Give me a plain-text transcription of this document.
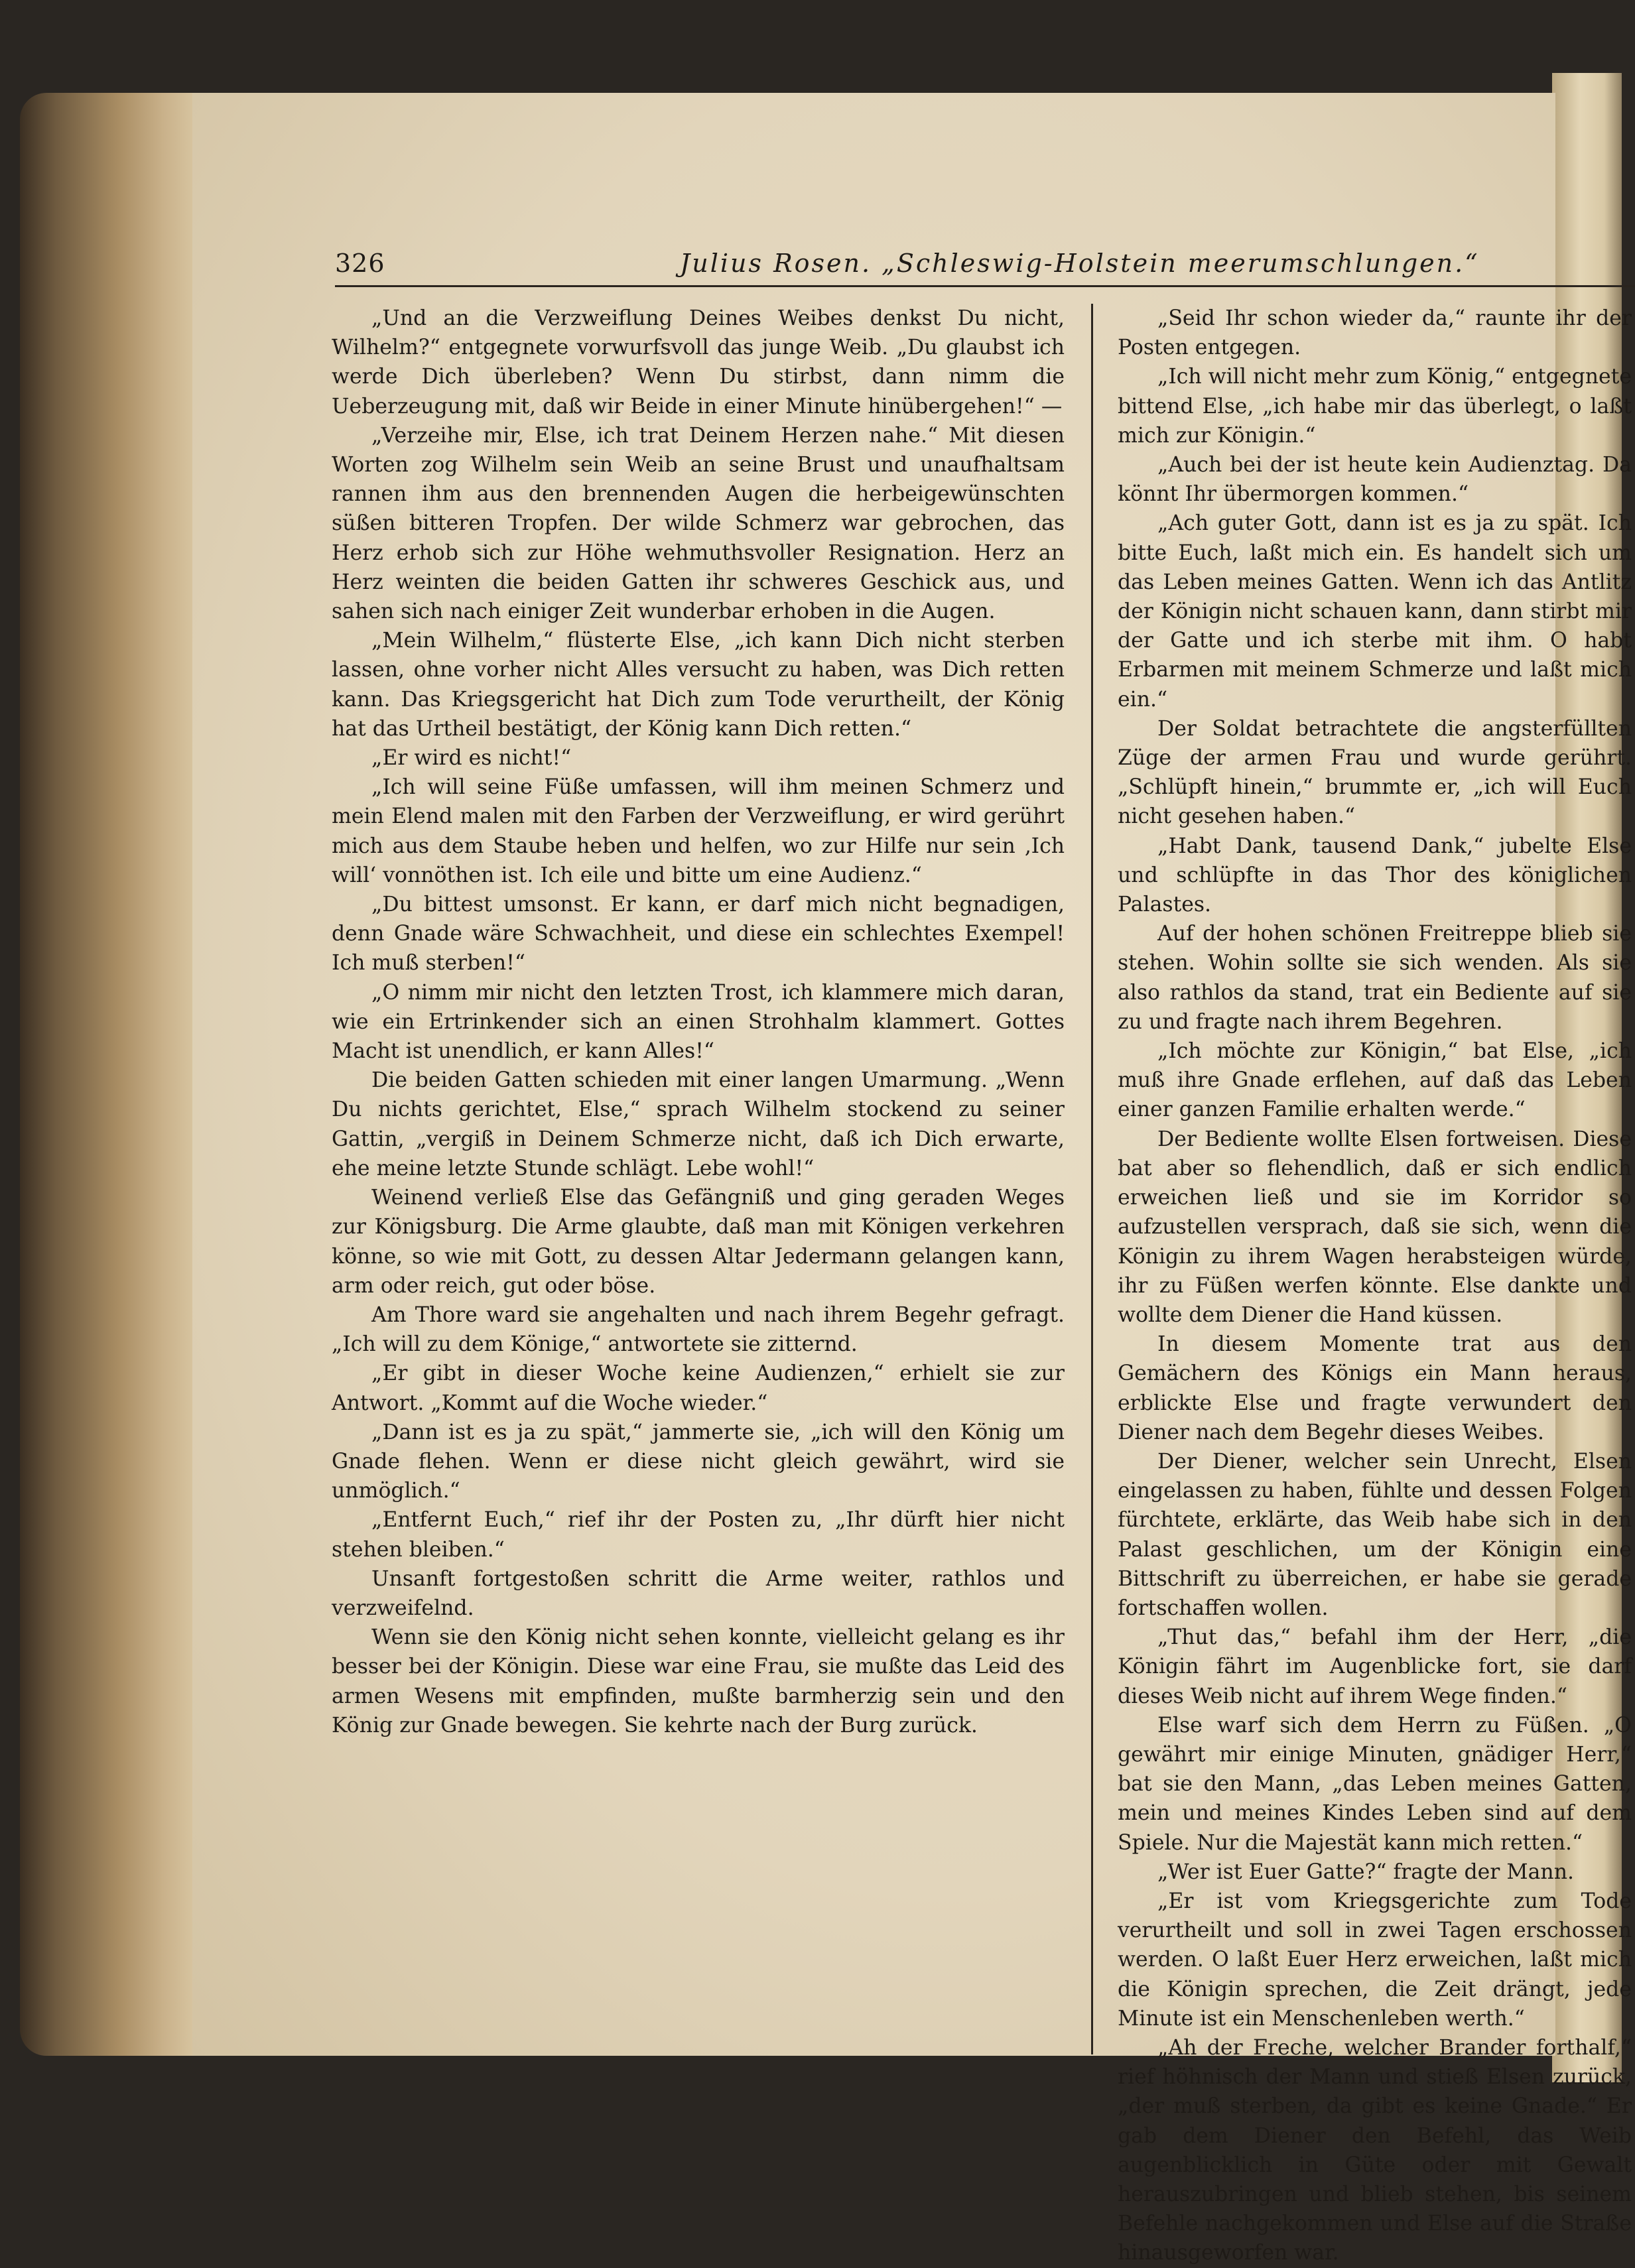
326	Julius Rosen. „Schleswig-Holstein meerumschlungen.“

„Und an die Verzweiflung Deines Weibes denkst Du nicht, Wilhelm?“ entgegnete vorwurfsvoll das junge Weib. „Du glaubst ich werde Dich überleben? Wenn Du stirbst, dann nimm die Ueberzeugung mit, daß wir Beide in einer Minute hinübergehen!“ —

„Verzeihe mir, Else, ich trat Deinem Herzen nahe.“ Mit diesen Worten zog Wilhelm sein Weib an seine Brust und unaufhaltsam rannen ihm aus den brennenden Augen die herbeigewünschten süßen bitteren Tropfen. Der wilde Schmerz war gebrochen, das Herz erhob sich zur Höhe wehmuthsvoller Resignation. Herz an Herz weinten die beiden Gatten ihr schweres Geschick aus, und sahen sich nach einiger Zeit wunderbar erhoben in die Augen.

„Mein Wilhelm,“ flüsterte Else, „ich kann Dich nicht sterben lassen, ohne vorher nicht Alles versucht zu haben, was Dich retten kann. Das Kriegsgericht hat Dich zum Tode verurtheilt, der König hat das Urtheil bestätigt, der König kann Dich retten.“

„Er wird es nicht!“

„Ich will seine Füße umfassen, will ihm meinen Schmerz und mein Elend malen mit den Farben der Verzweiflung, er wird gerührt mich aus dem Staube heben und helfen, wo zur Hilfe nur sein ‚Ich will‘ vonnöthen ist. Ich eile und bitte um eine Audienz.“

„Du bittest umsonst. Er kann, er darf mich nicht begnadigen, denn Gnade wäre Schwachheit, und diese ein schlechtes Exempel! Ich muß sterben!“

„O nimm mir nicht den letzten Trost, ich klammere mich daran, wie ein Ertrinkender sich an einen Strohhalm klammert. Gottes Macht ist unendlich, er kann Alles!“

Die beiden Gatten schieden mit einer langen Umarmung. „Wenn Du nichts gerichtet, Else,“ sprach Wilhelm stockend zu seiner Gattin, „vergiß in Deinem Schmerze nicht, daß ich Dich erwarte, ehe meine letzte Stunde schlägt. Lebe wohl!“

Weinend verließ Else das Gefängniß und ging geraden Weges zur Königsburg. Die Arme glaubte, daß man mit Königen verkehren könne, so wie mit Gott, zu dessen Altar Jedermann gelangen kann, arm oder reich, gut oder böse.

Am Thore ward sie angehalten und nach ihrem Begehr gefragt. „Ich will zu dem Könige,“ antwortete sie zitternd.

„Er gibt in dieser Woche keine Audienzen,“ erhielt sie zur Antwort. „Kommt auf die Woche wieder.“

„Dann ist es ja zu spät,“ jammerte sie, „ich will den König um Gnade flehen. Wenn er diese nicht gleich gewährt, wird sie unmöglich.“

„Entfernt Euch,“ rief ihr der Posten zu, „Ihr dürft hier nicht stehen bleiben.“

Unsanft fortgestoßen schritt die Arme weiter, rathlos und verzweifelnd.

Wenn sie den König nicht sehen konnte, vielleicht gelang es ihr besser bei der Königin. Diese war eine Frau, sie mußte das Leid des armen Wesens mit empfinden, mußte barmherzig sein und den König zur Gnade bewegen. Sie kehrte nach der Burg zurück.

„Seid Ihr schon wieder da,“ raunte ihr der Posten entgegen.

„Ich will nicht mehr zum König,“ entgegnete bittend Else, „ich habe mir das überlegt, o laßt mich zur Königin.“

„Auch bei der ist heute kein Audienztag. Da könnt Ihr übermorgen kommen.“

„Ach guter Gott, dann ist es ja zu spät. Ich bitte Euch, laßt mich ein. Es handelt sich um das Leben meines Gatten. Wenn ich das Antlitz der Königin nicht schauen kann, dann stirbt mir der Gatte und ich sterbe mit ihm. O habt Erbarmen mit meinem Schmerze und laßt mich ein.“

Der Soldat betrachtete die angsterfüllten Züge der armen Frau und wurde gerührt. „Schlüpft hinein,“ brummte er, „ich will Euch nicht gesehen haben.“

„Habt Dank, tausend Dank,“ jubelte Else und schlüpfte in das Thor des königlichen Palastes.

Auf der hohen schönen Freitreppe blieb sie stehen. Wohin sollte sie sich wenden. Als sie also rathlos da stand, trat ein Bediente auf sie zu und fragte nach ihrem Begehren.

„Ich möchte zur Königin,“ bat Else, „ich muß ihre Gnade erflehen, auf daß das Leben einer ganzen Familie erhalten werde.“

Der Bediente wollte Elsen fortweisen. Diese bat aber so flehendlich, daß er sich endlich erweichen ließ und sie im Korridor so aufzustellen versprach, daß sie sich, wenn die Königin zu ihrem Wagen herabsteigen würde, ihr zu Füßen werfen könnte. Else dankte und wollte dem Diener die Hand küssen.

In diesem Momente trat aus den Gemächern des Königs ein Mann heraus, erblickte Else und fragte verwundert den Diener nach dem Begehr dieses Weibes.

Der Diener, welcher sein Unrecht, Elsen eingelassen zu haben, fühlte und dessen Folgen fürchtete, erklärte, das Weib habe sich in den Palast geschlichen, um der Königin eine Bittschrift zu überreichen, er habe sie gerade fortschaffen wollen.

„Thut das,“ befahl ihm der Herr, „die Königin fährt im Augenblicke fort, sie darf dieses Weib nicht auf ihrem Wege finden.“

Else warf sich dem Herrn zu Füßen. „O gewährt mir einige Minuten, gnädiger Herr,“ bat sie den Mann, „das Leben meines Gatten, mein und meines Kindes Leben sind auf dem Spiele. Nur die Majestät kann mich retten.“

„Wer ist Euer Gatte?“ fragte der Mann.

„Er ist vom Kriegsgerichte zum Tode verurtheilt und soll in zwei Tagen erschossen werden. O laßt Euer Herz erweichen, laßt mich die Königin sprechen, die Zeit drängt, jede Minute ist ein Menschenleben werth.“

„Ah der Freche, welcher Brander forthalf,“ rief höhnisch der Mann und stieß Elsen zurück, „der muß sterben, da gibt es keine Gnade.“ Er gab dem Diener den Befehl, das Weib augenblicklich in Güte oder mit Gewalt herauszubringen und blieb stehen, bis seinem Befehle nachgekommen und Else auf die Straße hinausgeworfen war.
